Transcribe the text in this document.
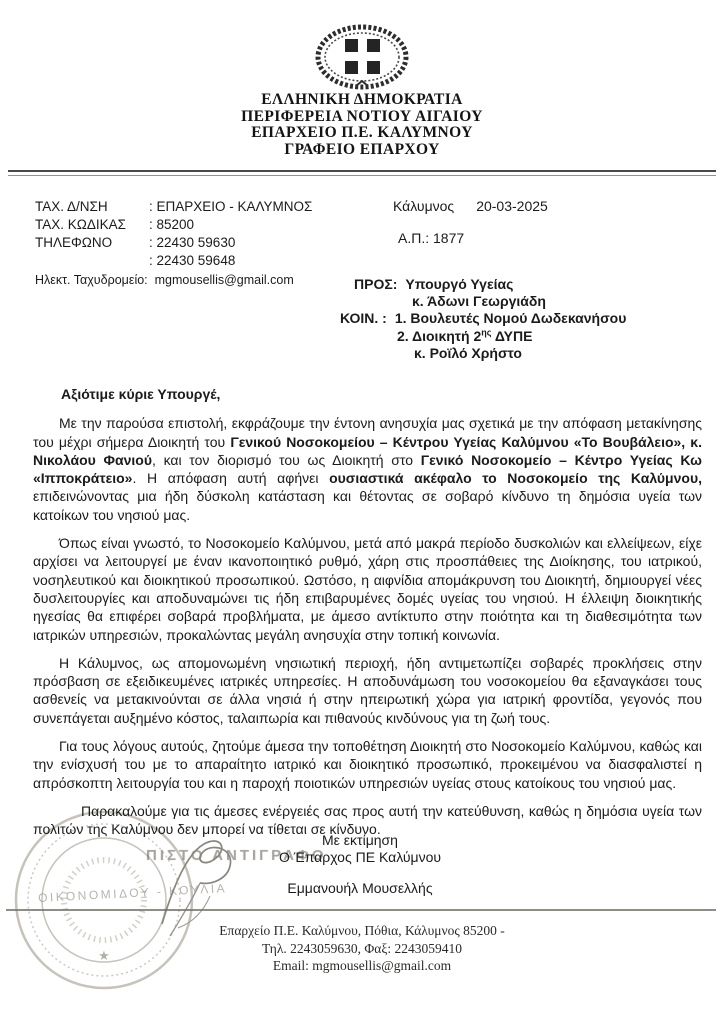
★
ΠΙΣΤΟ ΑΝΤΙΓΡΑΦΟ
ΟΙΚΟΝΟΜΙΔΟΥ - ΚΟΥΛΙΑ
ΕΛΛΗΝΙΚΗ ΔΗΜΟΚΡΑΤΙΑ
ΠΕΡΙΦΕΡΕΙΑ ΝΟΤΙΟΥ ΑΙΓΑΙΟΥ
ΕΠΑΡΧΕΙΟ Π.Ε. ΚΑΛΥΜΝΟΥ
ΓΡΑΦΕΙΟ ΕΠΑΡΧΟΥ
ΤΑΧ. Δ/ΝΣΗ	: ΕΠΑΡΧΕΙΟ - ΚΑΛΥΜΝΟΣ
ΤΑΧ. ΚΩΔΙΚΑΣ	: 85200
ΤΗΛΕΦΩΝΟ	: 22430 59630
: 22430 59648
Ηλεκτ. Ταχυδρομείο: mgmousellis@gmail.com
Κάλυμνος 20-03-2025
Α.Π.: 1877
ΠΡΟΣ: Υπουργό Υγείας
κ. Άδωνι Γεωργιάδη
ΚΟΙΝ. : 1. Βουλευτές Νομού Δωδεκανήσου
2. Διοικητή $2^{\eta\varsigma}$ ΔΥΠΕ
κ. Ροϊλό Χρήστο
Αξιότιμε κύριε Υπουργέ,

Με την παρούσα επιστολή, εκφράζουμε την έντονη ανησυχία μας σχετικά με την απόφαση μετακίνησης του μέχρι σήμερα Διοικητή του Γενικού Νοσοκομείου – Κέντρου Υγείας Καλύμνου «Το Βουβάλειο», κ. Νικολάου Φανιού, και τον διορισμό του ως Διοικητή στο Γενικό Νοσοκομείο – Κέντρο Υγείας Κω «Ιπποκράτειο». Η απόφαση αυτή αφήνει ουσιαστικά ακέφαλο το Νοσοκομείο της Καλύμνου, επιδεινώνοντας μια ήδη δύσκολη κατάσταση και θέτοντας σε σοβαρό κίνδυνο τη δημόσια υγεία των κατοίκων του νησιού μας.

Όπως είναι γνωστό, το Νοσοκομείο Καλύμνου, μετά από μακρά περίοδο δυσκολιών και ελλείψεων, είχε αρχίσει να λειτουργεί με έναν ικανοποιητικό ρυθμό, χάρη στις προσπάθειες της Διοίκησης, του ιατρικού, νοσηλευτικού και διοικητικού προσωπικού. Ωστόσο, η αιφνίδια απομάκρυνση του Διοικητή, δημιουργεί νέες δυσλειτουργίες και αποδυναμώνει τις ήδη επιβαρυμένες δομές υγείας του νησιού. Η έλλειψη διοικητικής ηγεσίας θα επιφέρει σοβαρά προβλήματα, με άμεσο αντίκτυπο στην ποιότητα και τη διαθεσιμότητα των ιατρικών υπηρεσιών, προκαλώντας μεγάλη ανησυχία στην τοπική κοινωνία.

Η Κάλυμνος, ως απομονωμένη νησιωτική περιοχή, ήδη αντιμετωπίζει σοβαρές προκλήσεις στην πρόσβαση σε εξειδικευμένες ιατρικές υπηρεσίες. Η αποδυνάμωση του νοσοκομείου θα εξαναγκάσει τους ασθενείς να μετακινούνται σε άλλα νησιά ή στην ηπειρωτική χώρα για ιατρική φροντίδα, γεγονός που συνεπάγεται αυξημένο κόστος, ταλαιπωρία και πιθανούς κινδύνους για τη ζωή τους.

Για τους λόγους αυτούς, ζητούμε άμεσα την τοποθέτηση Διοικητή στο Νοσοκομείο Καλύμνου, καθώς και την ενίσχυσή του με το απαραίτητο ιατρικό και διοικητικό προσωπικό, προκειμένου να διασφαλιστεί η απρόσκοπτη λειτουργία του και η παροχή ποιοτικών υπηρεσιών υγείας στους κατοίκους του νησιού μας.

Παρακαλούμε για τις άμεσες ενέργειές σας προς αυτή την κατεύθυνση, καθώς η δημόσια υγεία των πολιτών της Καλύμνου δεν μπορεί να τίθεται σε κίνδυνο.

Με εκτίμηση
Ο Έπαρχος ΠΕ Καλύμνου
Εμμανουήλ Μουσελλής
Επαρχείο Π.Ε. Καλύμνου, Πόθια, Κάλυμνος 85200 -
Τηλ. 2243059630, Φαξ: 2243059410
Email: mgmousellis@gmail.com
